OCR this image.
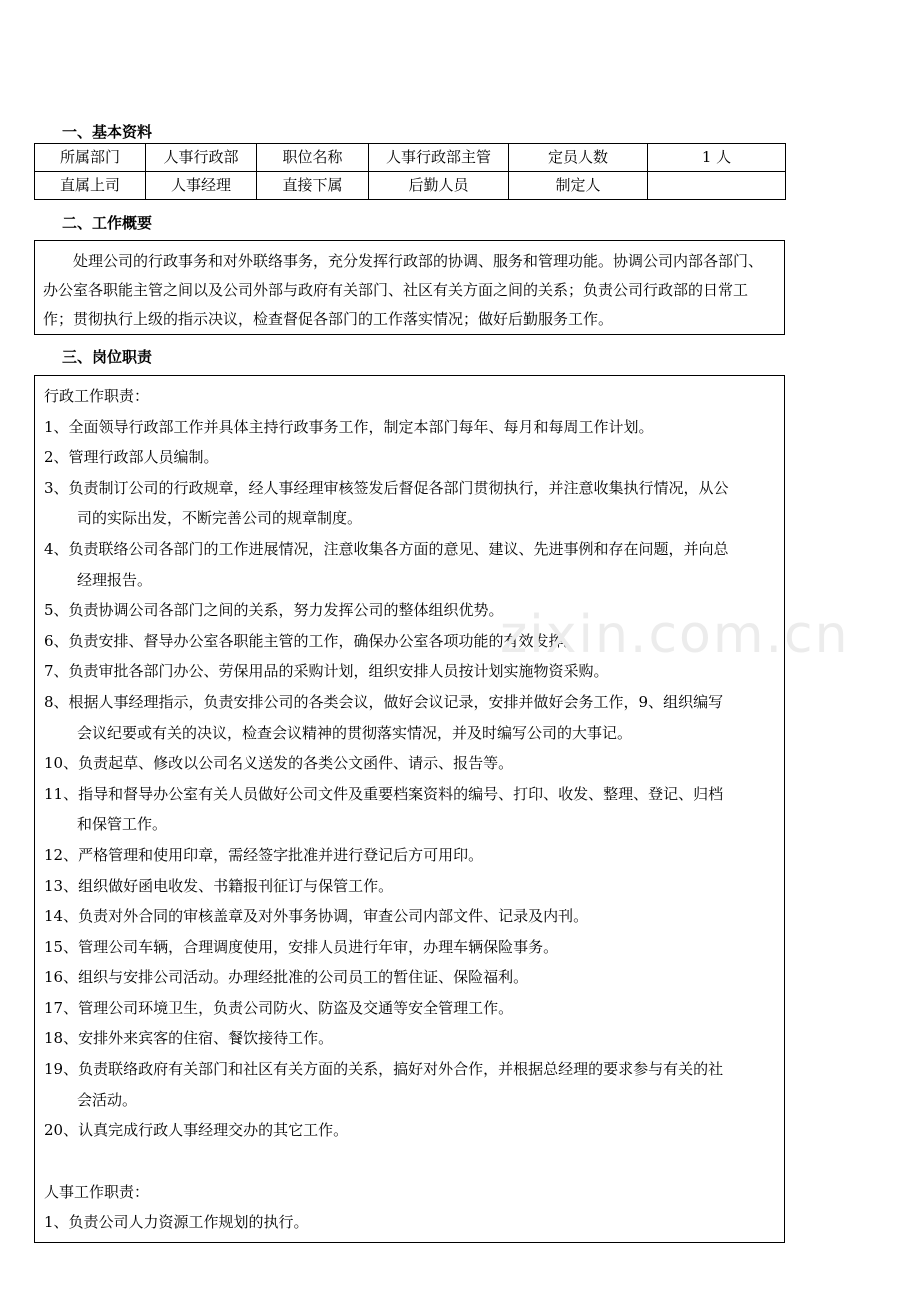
一、基本资料
所属部门	人事行政部	职位名称	人事行政部主管	定员人数	1 人
直属上司	人事经理	直接下属	后勤人员	制定人	
二、工作概要

处理公司的行政事务和对外联络事务，充分发挥行政部的协调、服务和管理功能。协调公司内部各部门、办公室各职能主管之间以及公司外部与政府有关部门、社区有关方面之间的关系；负责公司行政部的日常工作；贯彻执行上级的指示决议，检查督促各部门的工作落实情况；做好后勤服务工作。

三、岗位职责
行政工作职责：
1、全面领导行政部工作并具体主持行政事务工作，制定本部门每年、每月和每周工作计划。
2、管理行政部人员编制。
3、负责制订公司的行政规章，经人事经理审核签发后督促各部门贯彻执行，并注意收集执行情况，从公
司的实际出发，不断完善公司的规章制度。
4、负责联络公司各部门的工作进展情况，注意收集各方面的意见、建议、先进事例和存在问题，并向总
经理报告。
5、负责协调公司各部门之间的关系，努力发挥公司的整体组织优势。
6、负责安排、督导办公室各职能主管的工作，确保办公室各项功能的有效发挥。
7、负责审批各部门办公、劳保用品的采购计划，组织安排人员按计划实施物资采购。
8、根据人事经理指示，负责安排公司的各类会议，做好会议记录，安排并做好会务工作，9、组织编写
会议纪要或有关的决议，检查会议精神的贯彻落实情况，并及时编写公司的大事记。
10、负责起草、修改以公司名义送发的各类公文函件、请示、报告等。
11、指导和督导办公室有关人员做好公司文件及重要档案资料的编号、打印、收发、整理、登记、归档
和保管工作。
12、严格管理和使用印章，需经签字批准并进行登记后方可用印。
13、组织做好函电收发、书籍报刊征订与保管工作。
14、负责对外合同的审核盖章及对外事务协调，审查公司内部文件、记录及内刊。
15、管理公司车辆，合理调度使用，安排人员进行年审，办理车辆保险事务。
16、组织与安排公司活动。办理经批准的公司员工的暂住证、保险福利。
17、管理公司环境卫生，负责公司防火、防盗及交通等安全管理工作。
18、安排外来宾客的住宿、餐饮接待工作。
19、负责联络政府有关部门和社区有关方面的关系，搞好对外合作，并根据总经理的要求参与有关的社
会活动。
20、认真完成行政人事经理交办的其它工作。
人事工作职责：
1、负责公司人力资源工作规划的执行。
zixin.com.cn
